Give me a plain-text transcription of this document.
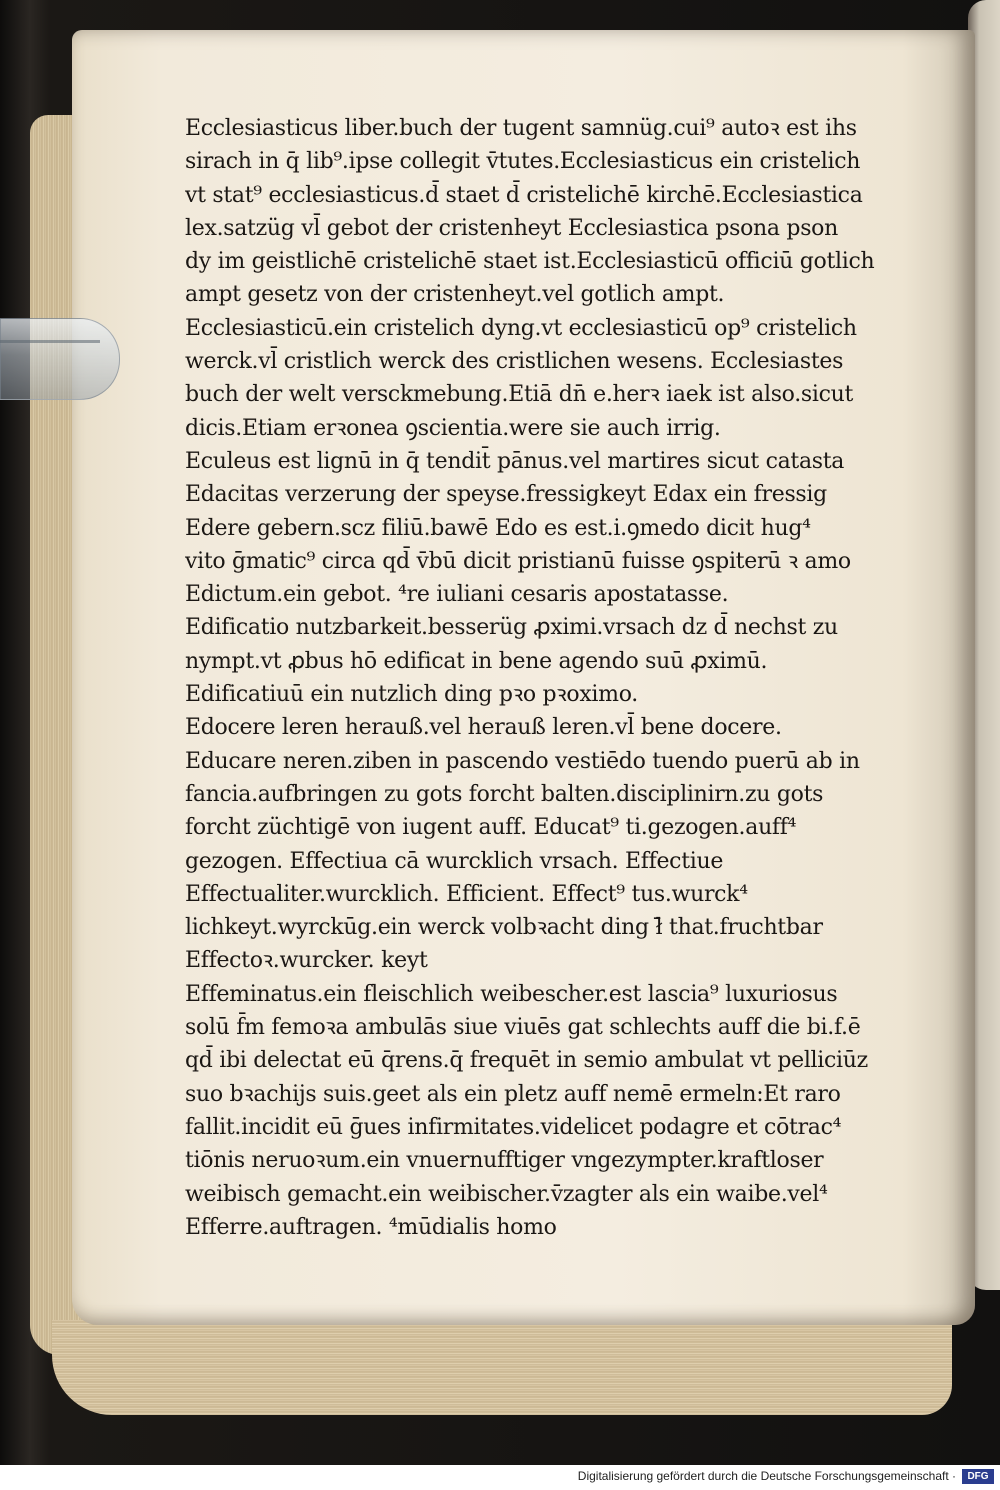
Ecclesiasticus liber.buch der tugent samnüg.cui⁹ autoꝛ est ihs
sirach in q̄ lib⁹.ipse collegit v̄tutes.Ecclesiasticus ein cristelich
vt stat⁹ ecclesiasticus.d̄ staet d̄ cristelichē kirchē.Ecclesiastica
lex.satzüg vl̄ gebot der cristenheyt Ecclesiastica psona pson
dy im geistlichē cristelichē staet ist.Ecclesiasticū officiū gotlich
ampt gesetz von der cristenheyt.vel gotlich ampt.
Ecclesiasticū.ein cristelich dyng.vt ecclesiasticū op⁹ cristelich
werck.vl̄ cristlich werck des cristlichen wesens. Ecclesiastes
buch der welt versckmebung.Etiā dn̄ e.herꝛ iaek ist also.sicut
dicis.Etiam erꝛonea ꝯscientia.were sie auch irrig.
Eculeus est lignū in q̄ tendit̄ pānus.vel martires sicut catasta
Edacitas verzerung der speyse.fressigkeyt Edax ein fressig
Edere gebern.scz filiū.bawē Edo es est.i.ꝯmedo dicit hug⁴
vito ḡmatic⁹ circa qd̄ v̄bū dicit pristianū fuisse ꝯspiterū ꝛ amo
Edictum.ein gebot. ⁴re iuliani cesaris apostatasse.
Edificatio nutzbarkeit.besserüg ꝓximi.vrsach dz d̄ nechst zu
nympt.vt ꝓbus hō edificat in bene agendo suū ꝓximū.
Edificatiuū ein nutzlich ding pꝛo pꝛoximo.
Edocere leren herauß.vel herauß leren.vl̄ bene docere.
Educare neren.ziben in pascendo vestiēdo tuendo puerū ab in
fancia.aufbringen zu gots forcht balten.disciplinirn.zu gots
forcht züchtigē von iugent auff. Educat⁹ ti.gezogen.auff⁴
gezogen. Effectiua cā wurcklich vrsach. Effectiue
Effectualiter.wurcklich. Efficient. Effect⁹ tus.wurck⁴
lichkeyt.wyrckūg.ein werck volbꝛacht ding ł̄ that.fruchtbar
Effectoꝛ.wurcker. keyt
Effeminatus.ein fleischlich weibescher.est lascia⁹ luxuriosus
solū f̄m femoꝛa ambulās siue viuēs gat schlechts auff die bi.f.ē
qd̄ ibi delectat eū q̄rens.q̄ frequēt in semio ambulat vt pelliciūz
suo bꝛachijs suis.geet als ein pletz auff nemē ermeln:Et raro
fallit.incidit eū ḡues infirmitates.videlicet podagre et cōtrac⁴
tiōnis neruoꝛum.ein vnuernufftiger vngezympter.kraftloser
weibisch gemacht.ein weibischer.v̄zagter als ein waibe.vel⁴
Efferre.auftragen. ⁴mūdialis homo
Digitalisierung gefördert durch die Deutsche Forschungsgemeinschaft ·	DFG
